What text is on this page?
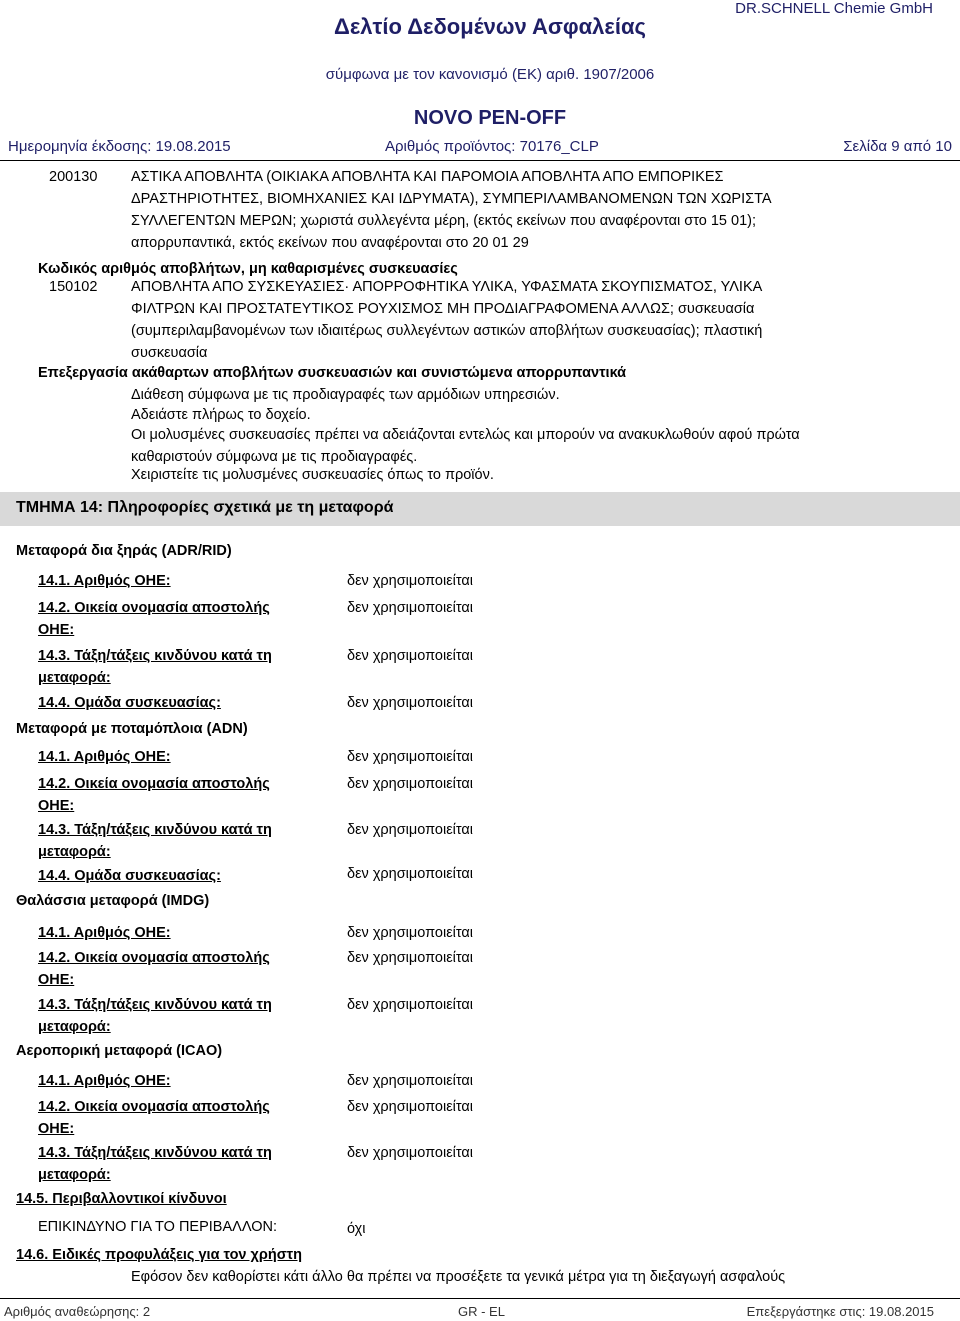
DR.SCHNELL Chemie GmbH
Δελτίο Δεδομένων Ασφαλείας
σύμφωνα με τον κανονισμό (ΕΚ) αριθ. 1907/2006
NOVO PEN-OFF
Ημερομηνία έκδοσης: 19.08.2015	Αριθμός προϊόντος: 70176_CLP	Σελίδα 9 από 10
200130 ΑΣΤΙΚΑ ΑΠΟΒΛΗΤΑ (ΟΙΚΙΑΚΑ ΑΠΟΒΛΗΤΑ ΚΑΙ ΠΑΡΟΜΟΙΑ ΑΠΟΒΛΗΤΑ ΑΠΟ ΕΜΠΟΡΙΚΕΣ ΔΡΑΣΤΗΡΙΟΤΗΤΕΣ, ΒΙΟΜΗΧΑΝΙΕΣ ΚΑΙ ΙΔΡΥΜΑΤΑ), ΣΥΜΠΕΡΙΛΑΜΒΑΝΟΜΕΝΩΝ ΤΩΝ ΧΩΡΙΣΤΑ ΣΥΛΛΕΓΕΝΤΩΝ ΜΕΡΩΝ; χωριστά συλλεγέντα μέρη, (εκτός εκείνων που αναφέρονται στο 15 01); απορρυπαντικά, εκτός εκείνων που αναφέρονται στο 20 01 29
Κωδικός αριθμός αποβλήτων, μη καθαρισμένες συσκευασίες
150102 ΑΠΟΒΛΗΤΑ ΑΠΟ ΣΥΣΚΕΥΑΣΙΕΣ· ΑΠΟΡΡΟΦΗΤΙΚΑ ΥΛΙΚΑ, ΥΦΑΣΜΑΤΑ ΣΚΟΥΠΙΣΜΑΤΟΣ, ΥΛΙΚΑ ΦΙΛΤΡΩΝ ΚΑΙ ΠΡΟΣΤΑΤΕΥΤΙΚΟΣ ΡΟΥΧΙΣΜΟΣ ΜΗ ΠΡΟΔΙΑΓΡΑΦΟΜΕΝΑ ΑΛΛΩΣ; συσκευασία (συμπεριλαμβανομένων των ιδιαιτέρως συλλεγέντων αστικών αποβλήτων συσκευασίας); πλαστική συσκευασία
Επεξεργασία ακάθαρτων αποβλήτων συσκευασιών και συνιστώμενα απορρυπαντικά
Διάθεση σύμφωνα με τις προδιαγραφές των αρμόδιων υπηρεσιών.
Αδειάστε πλήρως το δοχείο.
Οι μολυσμένες συσκευασίες πρέπει να αδειάζονται εντελώς και μπορούν να ανακυκλωθούν αφού πρώτα καθαριστούν σύμφωνα με τις προδιαγραφές.
Χειριστείτε τις μολυσμένες συσκευασίες όπως το προϊόν.
ΤΜΗΜΑ 14: Πληροφορίες σχετικά με τη μεταφορά
Μεταφορά δια ξηράς (ADR/RID)
14.1. Αριθμός ΟΗΕ:	δεν χρησιμοποιείται
14.2. Οικεία ονομασία αποστολής ΟΗΕ:
δεν χρησιμοποιείται
14.3. Τάξη/τάξεις κινδύνου κατά τη μεταφορά:
δεν χρησιμοποιείται
14.4. Ομάδα συσκευασίας:	δεν χρησιμοποιείται
Μεταφορά με ποταμόπλοια (ADN)
14.1. Αριθμός ΟΗΕ:	δεν χρησιμοποιείται
14.2. Οικεία ονομασία αποστολής ΟΗΕ:
δεν χρησιμοποιείται
14.3. Τάξη/τάξεις κινδύνου κατά τη μεταφορά:
δεν χρησιμοποιείται
14.4. Ομάδα συσκευασίας:	δεν χρησιμοποιείται
Θαλάσσια μεταφορά (IMDG)
14.1. Αριθμός ΟΗΕ:	δεν χρησιμοποιείται
14.2. Οικεία ονομασία αποστολής ΟΗΕ:
δεν χρησιμοποιείται
14.3. Τάξη/τάξεις κινδύνου κατά τη μεταφορά:
δεν χρησιμοποιείται
Αεροπορική μεταφορά (ICAO)
14.1. Αριθμός ΟΗΕ:	δεν χρησιμοποιείται
14.2. Οικεία ονομασία αποστολής ΟΗΕ:
δεν χρησιμοποιείται
14.3. Τάξη/τάξεις κινδύνου κατά τη μεταφορά:
δεν χρησιμοποιείται
14.5. Περιβαλλοντικοί κίνδυνοι
ΕΠΙΚΙΝΔΥΝΟ ΓΙΑ ΤΟ ΠΕΡΙΒΑΛΛΟΝ:	όχι
14.6. Ειδικές προφυλάξεις για τον χρήστη
Εφόσον δεν καθορίστει κάτι άλλο θα πρέπει να προσέξετε τα γενικά μέτρα για τη διεξαγωγή ασφαλούς
Αριθμός αναθεώρησης: 2	GR - EL	Επεξεργάστηκε στις: 19.08.2015
